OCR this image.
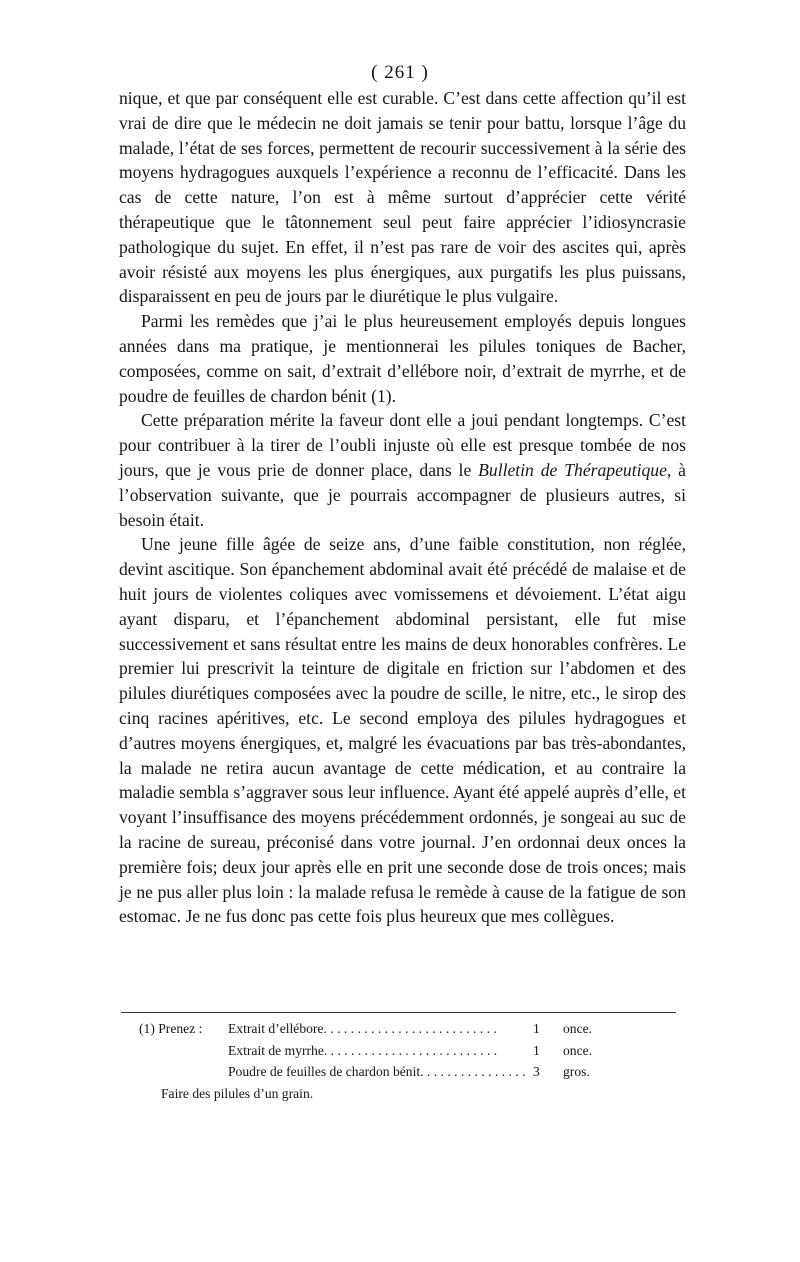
( 261 )

nique, et que par conséquent elle est curable. C’est dans cette affection qu’il est vrai de dire que le médecin ne doit jamais se tenir pour battu, lorsque l’âge du malade, l’état de ses forces, permettent de recourir successivement à la série des moyens hydragogues auxquels l’expérience a reconnu de l’efficacité. Dans les cas de cette nature, l’on est à même surtout d’apprécier cette vérité thérapeutique que le tâtonnement seul peut faire apprécier l’idiosyncrasie pathologique du sujet. En effet, il n’est pas rare de voir des ascites qui, après avoir résisté aux moyens les plus énergiques, aux purgatifs les plus puissans, disparaissent en peu de jours par le diurétique le plus vulgaire.

Parmi les remèdes que j’ai le plus heureusement employés depuis longues années dans ma pratique, je mentionnerai les pilules toniques de Bacher, composées, comme on sait, d’extrait d’ellébore noir, d’extrait de myrrhe, et de poudre de feuilles de chardon bénit (1).

Cette préparation mérite la faveur dont elle a joui pendant longtemps. C’est pour contribuer à la tirer de l’oubli injuste où elle est presque tombée de nos jours, que je vous prie de donner place, dans le Bulletin de Thérapeutique, à l’observation suivante, que je pourrais accompagner de plusieurs autres, si besoin était.

Une jeune fille âgée de seize ans, d’une faible constitution, non réglée, devint ascitique. Son épanchement abdominal avait été précédé de malaise et de huit jours de violentes coliques avec vomissemens et dévoiement. L’état aigu ayant disparu, et l’épanchement abdominal persistant, elle fut mise successivement et sans résultat entre les mains de deux honorables confrères. Le premier lui prescrivit la teinture de digitale en friction sur l’abdomen et des pilules diurétiques composées avec la poudre de scille, le nitre, etc., le sirop des cinq racines apéritives, etc. Le second employa des pilules hydragogues et d’autres moyens énergiques, et, malgré les évacuations par bas très-abondantes, la malade ne retira aucun avantage de cette médication, et au contraire la maladie sembla s’aggraver sous leur influence. Ayant été appelé auprès d’elle, et voyant l’insuffisance des moyens précédemment ordonnés, je songeai au suc de la racine de sureau, préconisé dans votre journal. J’en ordonnai deux onces la première fois; deux jour après elle en prit une seconde dose de trois onces; mais je ne pus aller plus loin : la malade refusa le remède à cause de la fatigue de son estomac. Je ne fus donc pas cette fois plus heureux que mes collègues.

(1) Prenez :	Extrait d’ellébore. . . . . . . . . . . . . . . . . . . . . . . . . .	1	once.
Extrait de myrrhe. . . . . . . . . . . . . . . . . . . . . . . . . .	1	once.
Poudre de feuilles de chardon bénit. . . . . . . . . . . . . . . . 3	gros.
Faire des pilules d’un grain.
